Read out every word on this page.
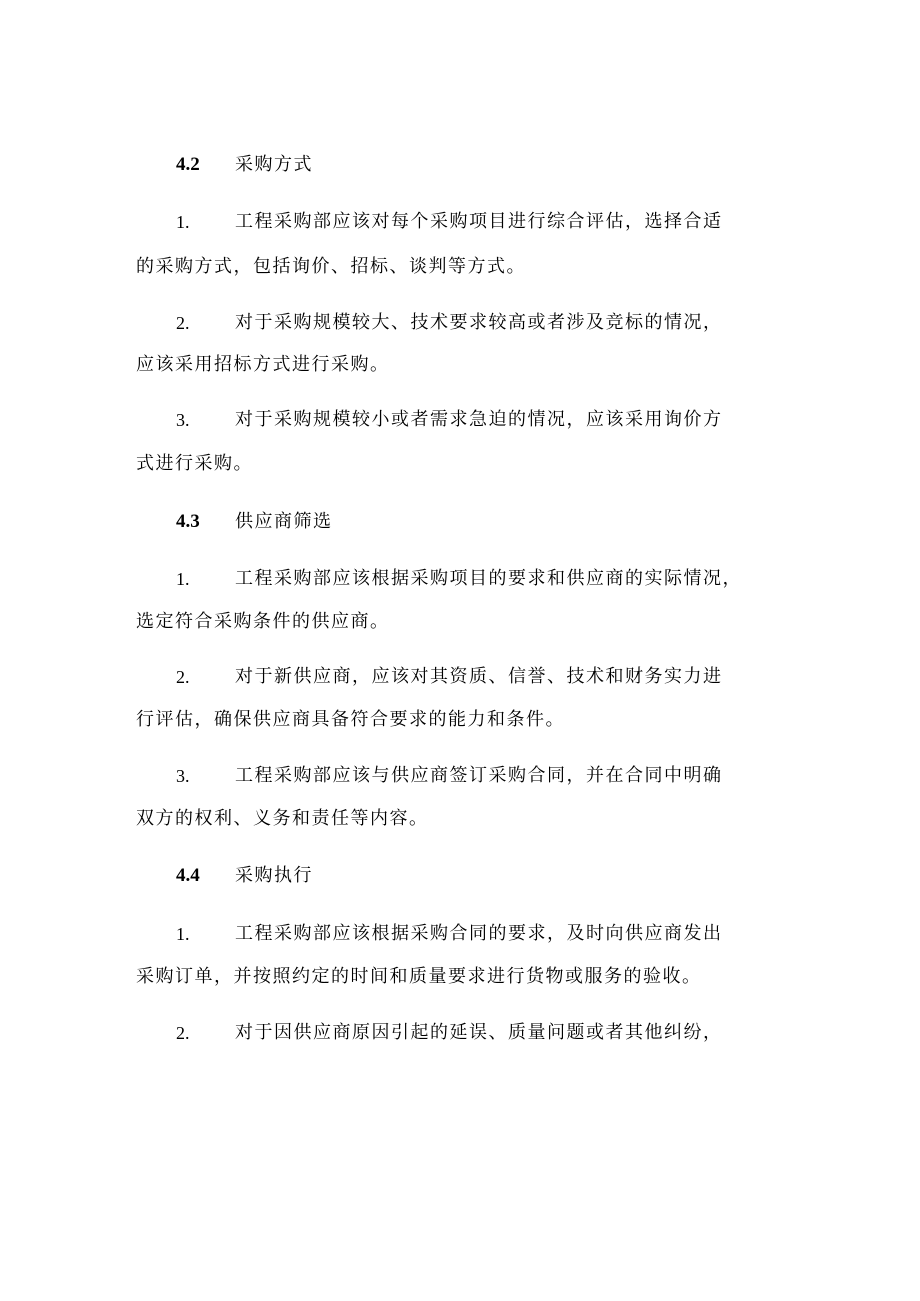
4.2 采购方式
1.	工程采购部应该对每个采购项目进行综合评估，选择合适
的采购方式，包括询价、招标、谈判等方式。
2.	对于采购规模较大、技术要求较高或者涉及竞标的情况，
应该采用招标方式进行采购。
3.	对于采购规模较小或者需求急迫的情况，应该采用询价方
式进行采购。
4.3 供应商筛选
1.	工程采购部应该根据采购项目的要求和供应商的实际情况，
选定符合采购条件的供应商。
2.	对于新供应商，应该对其资质、信誉、技术和财务实力进
行评估，确保供应商具备符合要求的能力和条件。
3.	工程采购部应该与供应商签订采购合同，并在合同中明确
双方的权利、义务和责任等内容。
4.4 采购执行
1.	工程采购部应该根据采购合同的要求，及时向供应商发出
采购订单，并按照约定的时间和质量要求进行货物或服务的验收。
2.	对于因供应商原因引起的延误、质量问题或者其他纠纷，
